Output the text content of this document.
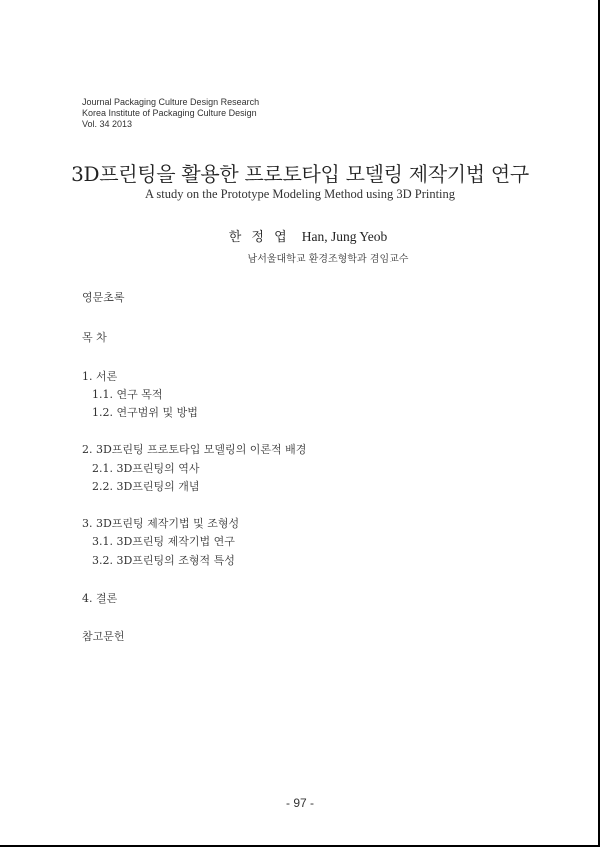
Journal Packaging Culture Design Research
Korea Institute of Packaging Culture Design
Vol. 34 2013
3D프린팅을 활용한 프로토타입 모델링 제작기법 연구
A study on the Prototype Modeling Method using 3D Printing
한 정 엽 Han, Jung Yeob
남서울대학교 환경조형학과 겸임교수
영문초록
목 차
1. 서론
1.1. 연구 목적
1.2. 연구범위 및 방법
2. 3D프린팅 프로토타입 모델링의 이론적 배경
2.1. 3D프린팅의 역사
2.2. 3D프린팅의 개념
3. 3D프린팅 제작기법 및 조형성
3.1. 3D프린팅 제작기법 연구
3.2. 3D프린팅의 조형적 특성
4. 결론
참고문헌
- 97 -
